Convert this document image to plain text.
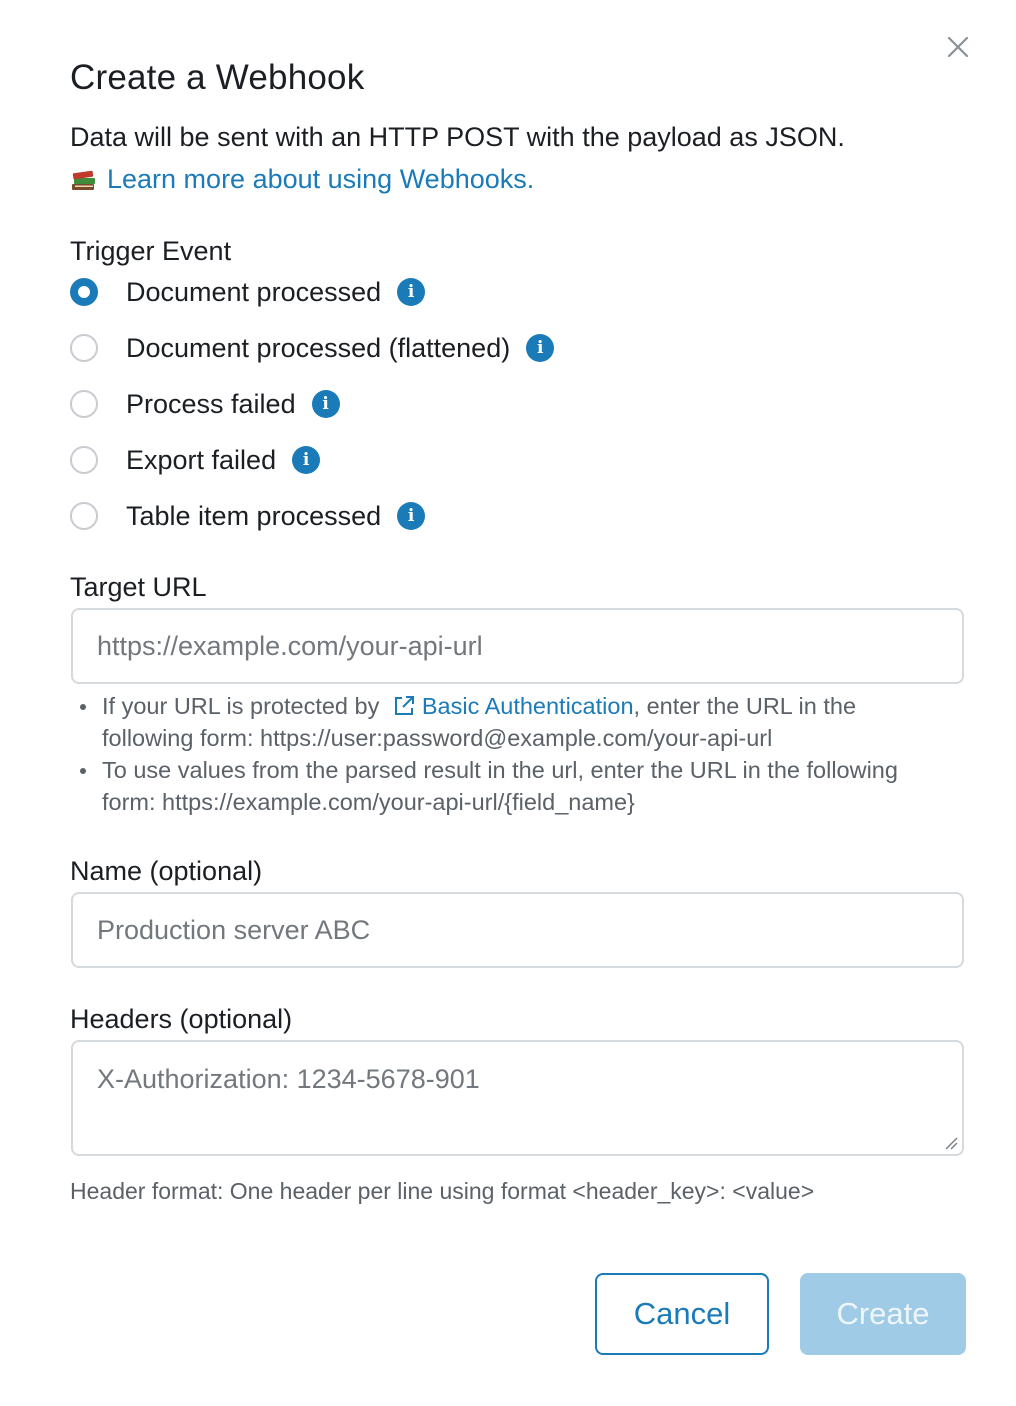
Create a Webhook
Data will be sent with an HTTP POST with the payload as JSON.
Learn more about using Webhooks.
Trigger Event
Document processed	i
Document processed (flattened)	i
Process failed	i
Export failed	i
Table item processed	i
Target URL
https://example.com/your-api-url
If your URL is protected by Basic Authentication, enter the URL in the following form: https://user:password@example.com/your-api-url
To use values from the parsed result in the url, enter the URL in the following form: https://example.com/your-api-url/{field_name}
Name (optional)
Production server ABC
Headers (optional)
X-Authorization: 1234-5678-901
Header format: One header per line using format <header_key>: <value>
Cancel	Create
